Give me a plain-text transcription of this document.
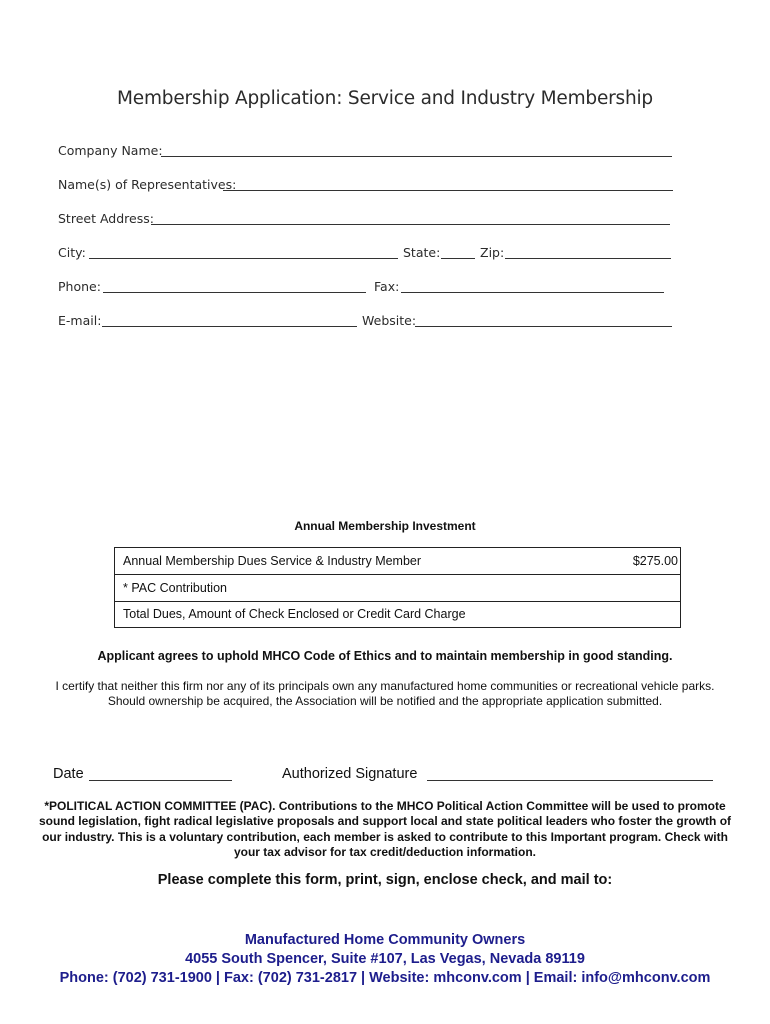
Membership Application: Service and Industry Membership
Company Name:
Name(s) of Representatives:
Street Address:
City:	State:	Zip:
Phone:	Fax:
E-mail:	Website:
Annual Membership Investment
Annual Membership Dues Service & Industry Member	$275.00
* PAC Contribution
Total Dues, Amount of Check Enclosed or Credit Card Charge
Applicant agrees to uphold MHCO Code of Ethics and to maintain membership in good standing.
I certify that neither this firm nor any of its principals own any manufactured home communities or recreational vehicle parks. Should ownership be acquired, the Association will be notified and the appropriate application submitted.
Date	Authorized Signature
*POLITICAL ACTION COMMITTEE (PAC). Contributions to the MHCO Political Action Committee will be used to promote sound legislation, fight radical legislative proposals and support local and state political leaders who foster the growth of our industry. This is a voluntary contribution, each member is asked to contribute to this Important program. Check with your tax advisor for tax credit/deduction information.
Please complete this form, print, sign, enclose check, and mail to:
Manufactured Home Community Owners
4055 South Spencer, Suite #107, Las Vegas, Nevada 89119
Phone: (702) 731-1900 | Fax: (702) 731-2817 | Website: mhconv.com | Email: info@mhconv.com
